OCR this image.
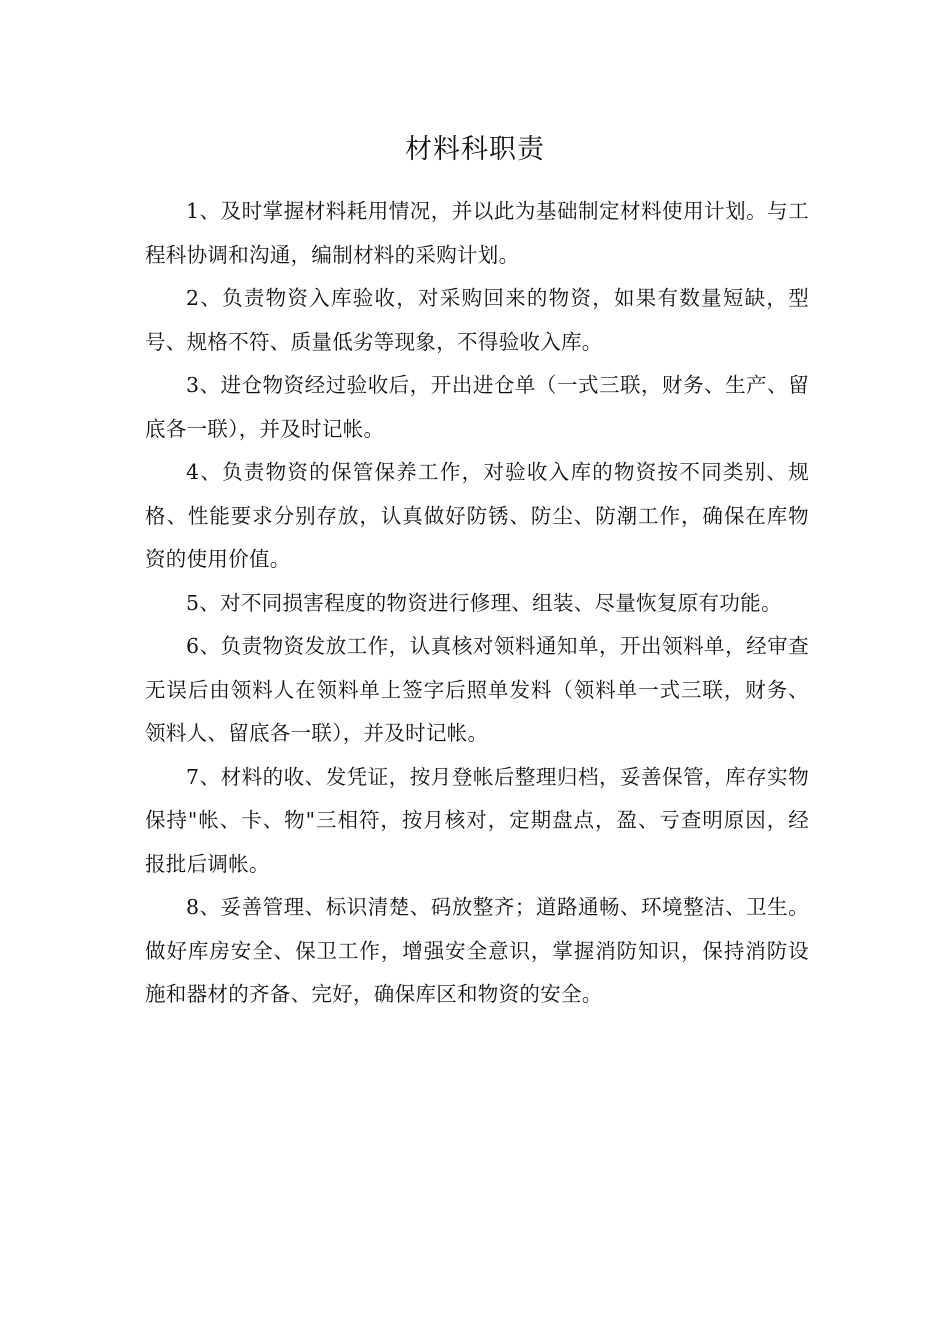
材料科职责

1、及时掌握材料耗用情况，并以此为基础制定材料使用计划。与工程科协调和沟通，编制材料的采购计划。

2、负责物资入库验收，对采购回来的物资，如果有数量短缺，型号、规格不符、质量低劣等现象，不得验收入库。

3、进仓物资经过验收后，开出进仓单（一式三联，财务、生产、留底各一联），并及时记帐。

4、负责物资的保管保养工作，对验收入库的物资按不同类别、规格、性能要求分别存放，认真做好防锈、防尘、防潮工作，确保在库物资的使用价值。

5、对不同损害程度的物资进行修理、组装、尽量恢复原有功能。

6、负责物资发放工作，认真核对领料通知单，开出领料单，经审查无误后由领料人在领料单上签字后照单发料（领料单一式三联，财务、领料人、留底各一联），并及时记帐。

7、材料的收、发凭证，按月登帐后整理归档，妥善保管，库存实物保持"帐、卡、物"三相符，按月核对，定期盘点，盈、亏查明原因，经报批后调帐。

8、妥善管理、标识清楚、码放整齐；道路通畅、环境整洁、卫生。做好库房安全、保卫工作，增强安全意识，掌握消防知识，保持消防设施和器材的齐备、完好，确保库区和物资的安全。
